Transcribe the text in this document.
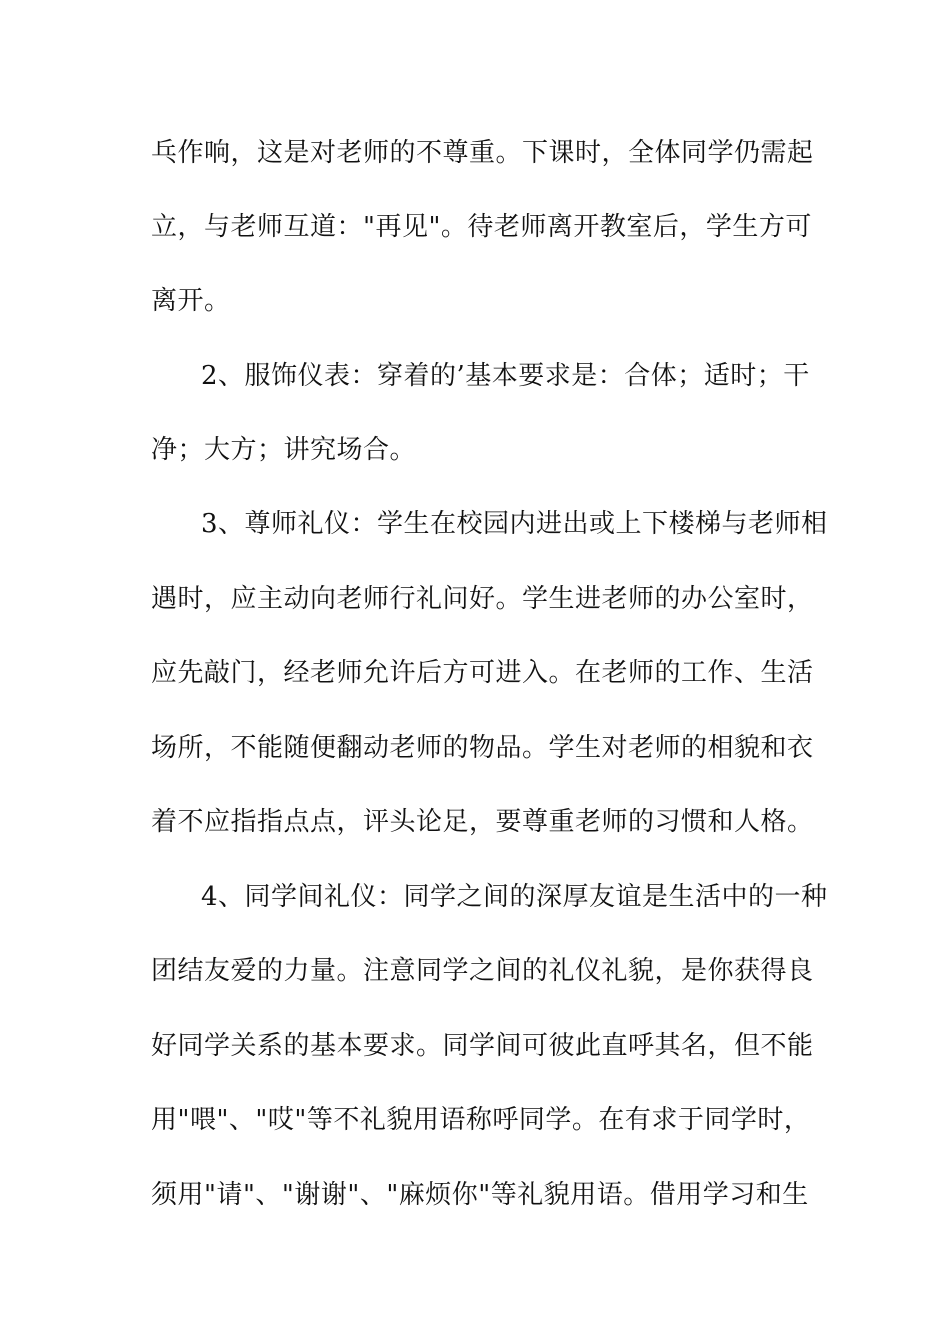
乓作响，这是对老师的不尊重。下课时，全体同学仍需起
立，与老师互道："再见"。待老师离开教室后，学生方可
离开。
2、服饰仪表：穿着的’基本要求是：合体；适时；干
净；大方；讲究场合。
3、尊师礼仪：学生在校园内进出或上下楼梯与老师相
遇时，应主动向老师行礼问好。学生进老师的办公室时，
应先敲门，经老师允许后方可进入。在老师的工作、生活
场所，不能随便翻动老师的物品。学生对老师的相貌和衣
着不应指指点点，评头论足，要尊重老师的习惯和人格。
4、同学间礼仪：同学之间的深厚友谊是生活中的一种
团结友爱的力量。注意同学之间的礼仪礼貌，是你获得良
好同学关系的基本要求。同学间可彼此直呼其名，但不能
用"喂"、"哎"等不礼貌用语称呼同学。在有求于同学时，
须用"请"、"谢谢"、"麻烦你"等礼貌用语。借用学习和生
